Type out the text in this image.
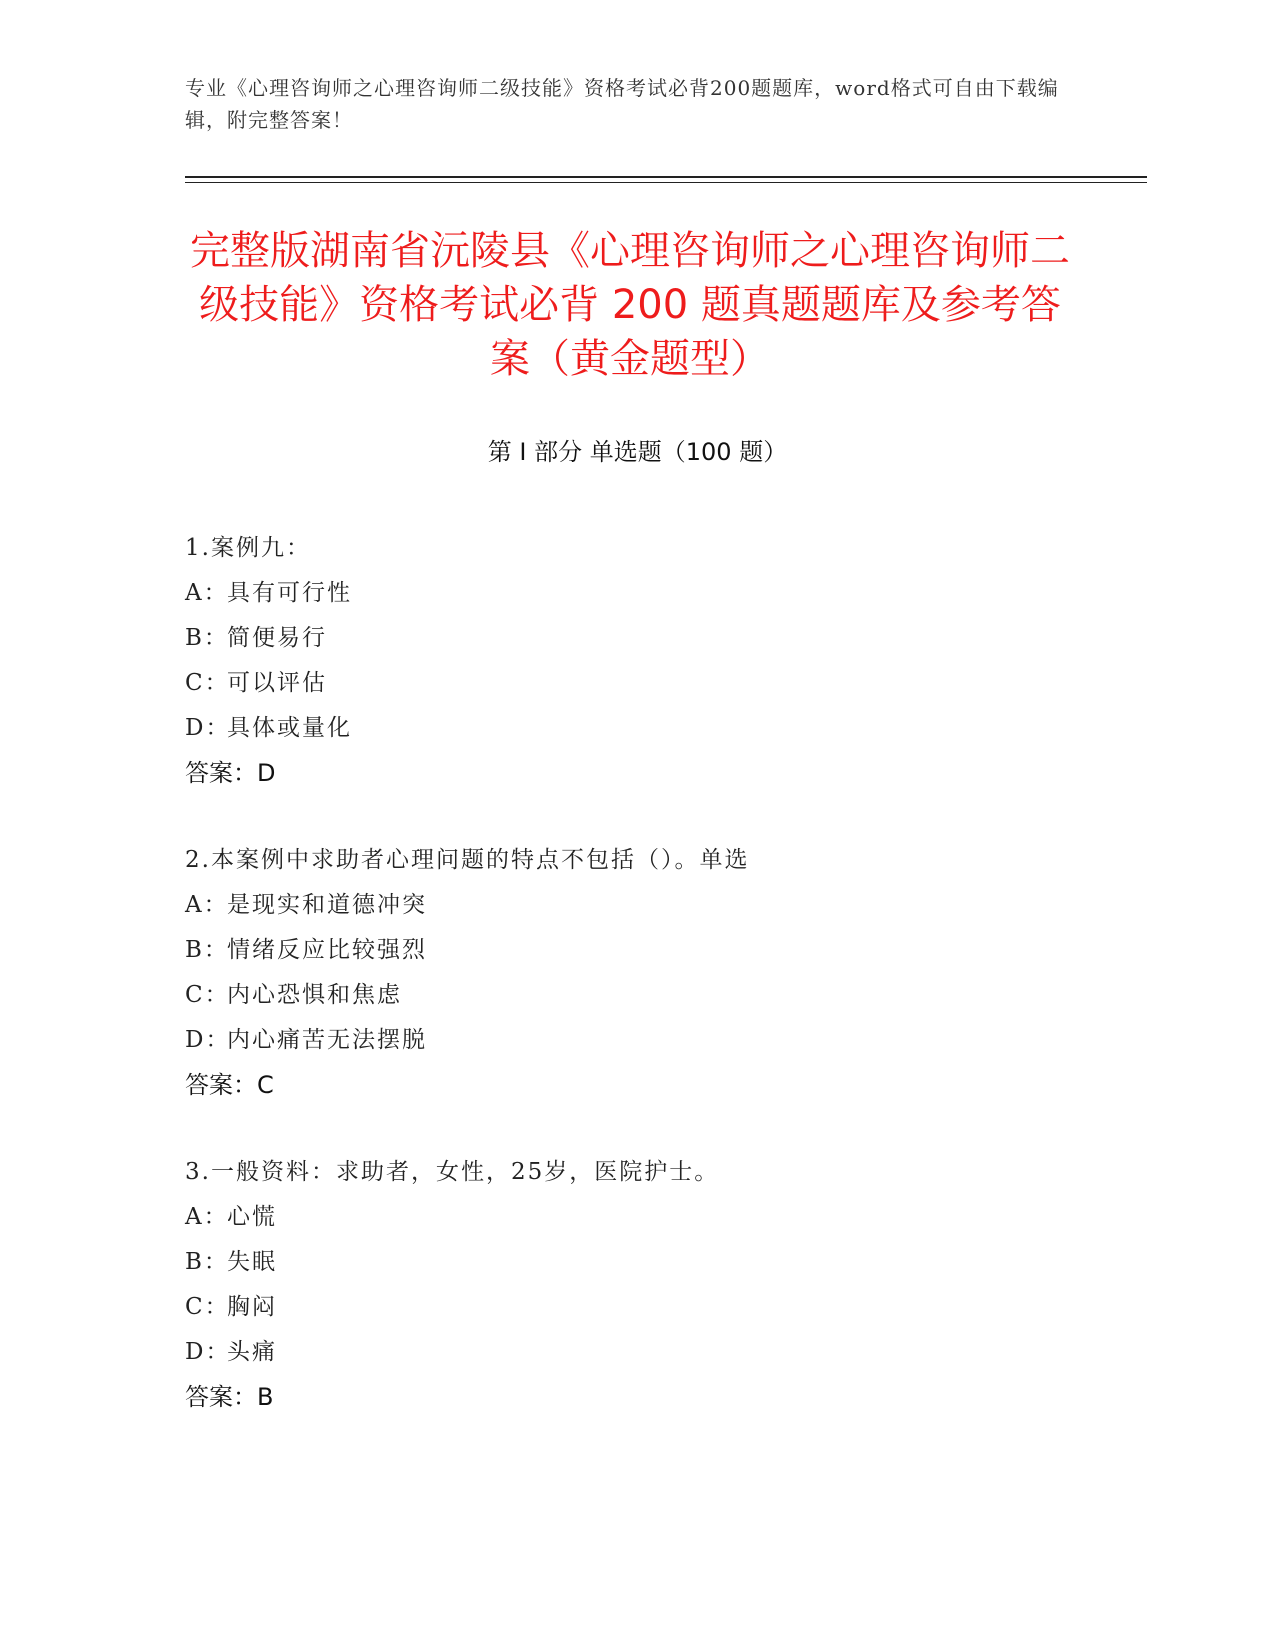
专业《心理咨询师之心理咨询师二级技能》资格考试必背200题题库，word格式可自由下载编辑，附完整答案！
完整版湖南省沅陵县《心理咨询师之心理咨询师二级技能》资格考试必背 200 题真题题库及参考答案（黄金题型）
第 I 部分 单选题（100 题）
1.案例九：
A：具有可行性
B：简便易行
C：可以评估
D：具体或量化
答案：D
2.本案例中求助者心理问题的特点不包括（）。单选
A：是现实和道德冲突
B：情绪反应比较强烈
C：内心恐惧和焦虑
D：内心痛苦无法摆脱
答案：C
3.一般资料：求助者，女性，25岁，医院护士。
A：心慌
B：失眠
C：胸闷
D：头痛
答案：B
